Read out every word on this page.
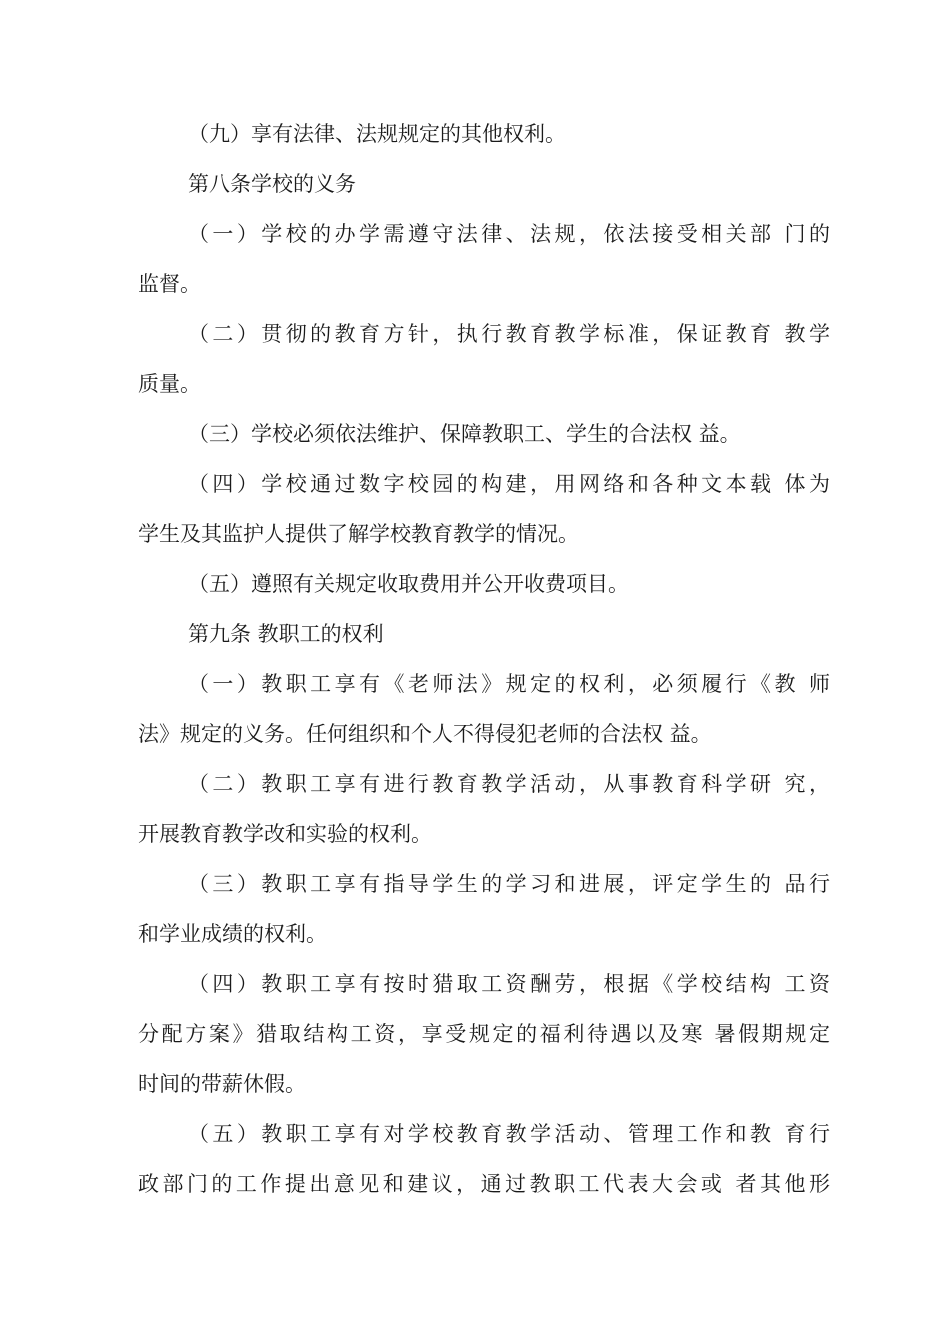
（九）享有法律、法规规定的其他权利。
第八条学校的义务
（一）学校的办学需遵守法律、法规，依法接受相关部 门的
监督。
（二）贯彻的教育方针，执行教育教学标准，保证教育 教学
质量。
（三）学校必须依法维护、保障教职工、学生的合法权 益。
（四）学校通过数字校园的构建，用网络和各种文本载 体为
学生及其监护人提供了解学校教育教学的情况。
（五）遵照有关规定收取费用并公开收费项目。
第九条 教职工的权利
（一）教职工享有《老师法》规定的权利，必须履行《教 师
法》规定的义务。任何组织和个人不得侵犯老师的合法权 益。
（二）教职工享有进行教育教学活动，从事教育科学研 究，
开展教育教学改和实验的权利。
（三）教职工享有指导学生的学习和进展，评定学生的 品行
和学业成绩的权利。
（四）教职工享有按时猎取工资酬劳，根据《学校结构 工资
分配方案》猎取结构工资，享受规定的福利待遇以及寒 暑假期规定
时间的带薪休假。
（五）教职工享有对学校教育教学活动、管理工作和教 育行
政部门的工作提出意见和建议，通过教职工代表大会或 者其他形
